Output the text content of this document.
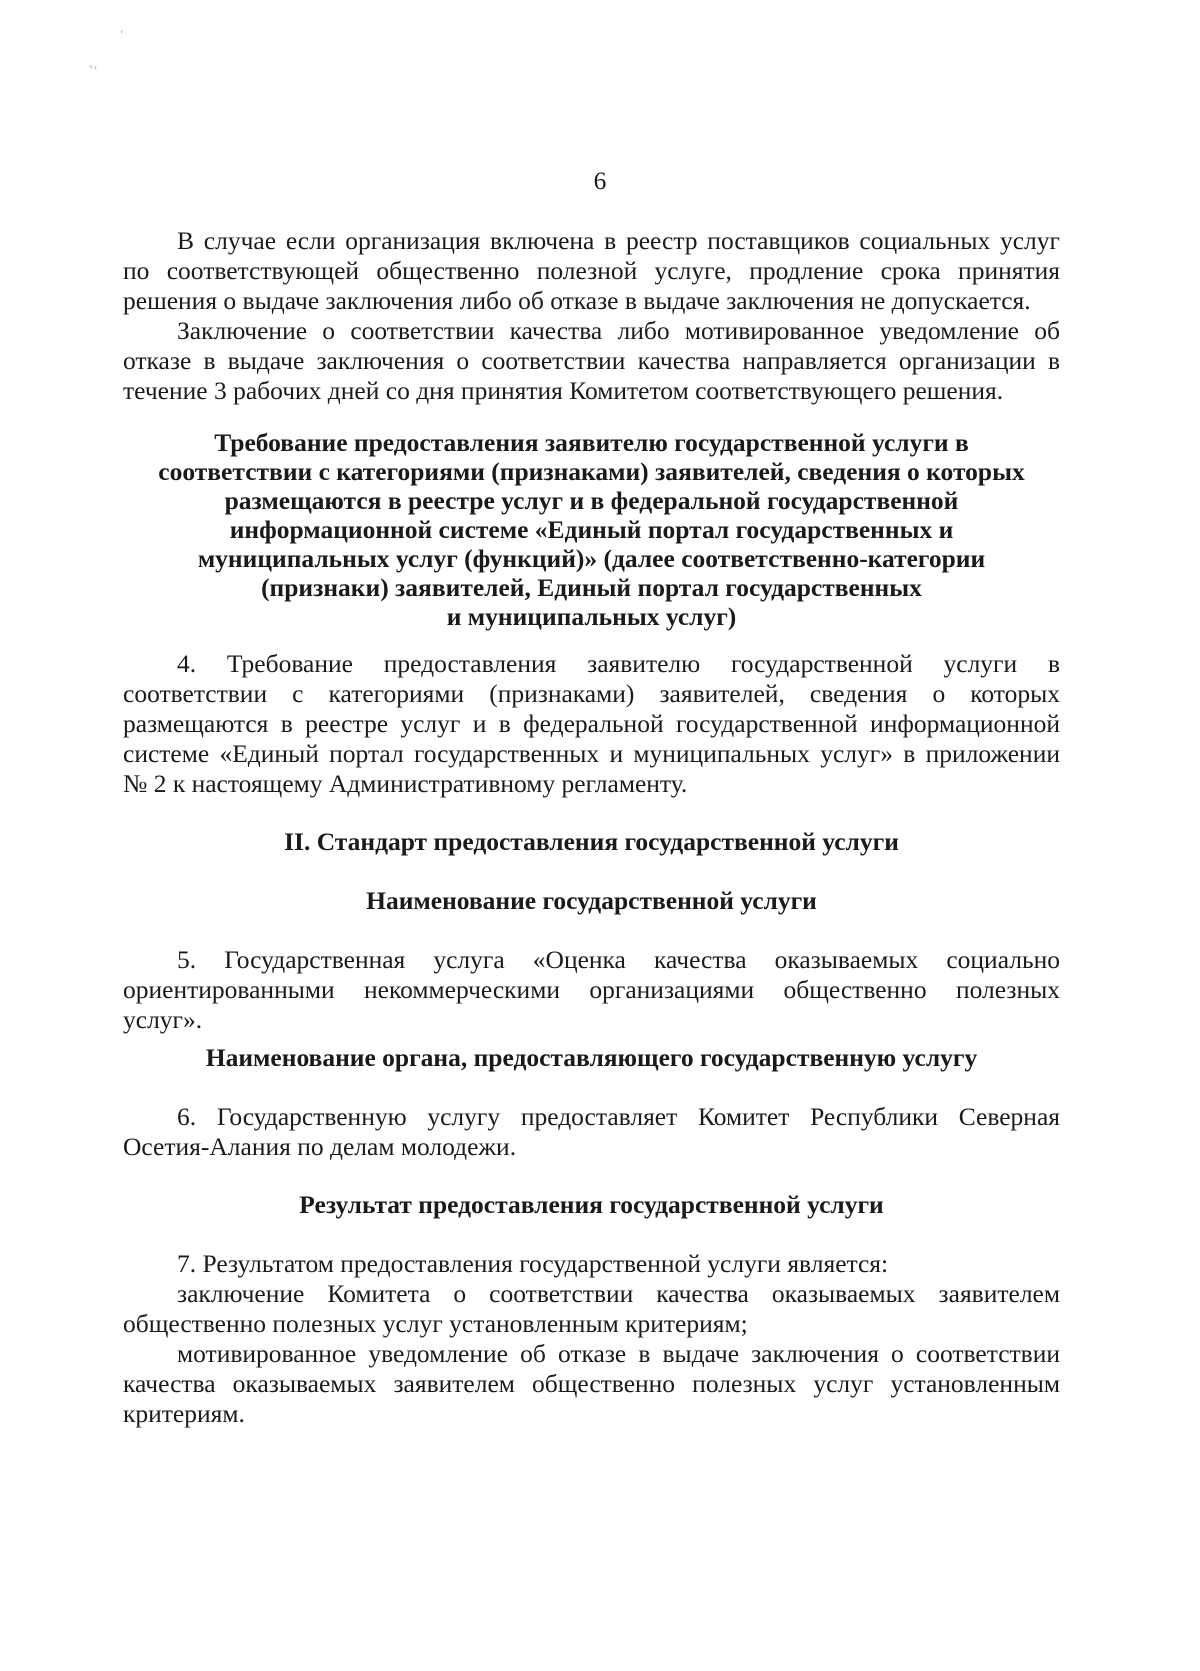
'
˂'
6
В случае если организация включена в реестр поставщиков социальных услуг
по соответствующей общественно полезной услуге, продление срока принятия
решения о выдаче заключения либо об отказе в выдаче заключения не допускается.
Заключение о соответствии качества либо мотивированное уведомление об
отказе в выдаче заключения о соответствии качества направляется организации в
течение 3 рабочих дней со дня принятия Комитетом соответствующего решения.
Требование предоставления заявителю государственной услуги в
соответствии с категориями (признаками) заявителей, сведения о которых
размещаются в реестре услуг и в федеральной государственной
информационной системе «Единый портал государственных и
муниципальных услуг (функций)» (далее соответственно-категории
(признаки) заявителей, Единый портал государственных
и муниципальных услуг)
4. Требование предоставления заявителю государственной услуги в
соответствии с категориями (признаками) заявителей, сведения о которых
размещаются в реестре услуг и в федеральной государственной информационной
системе «Единый портал государственных и муниципальных услуг» в приложении
№ 2 к настоящему Административному регламенту.
II. Стандарт предоставления государственной услуги
Наименование государственной услуги
5. Государственная услуга «Оценка качества оказываемых социально
ориентированными некоммерческими организациями общественно полезных
услуг».
Наименование органа, предоставляющего государственную услугу
6. Государственную услугу предоставляет Комитет Республики Северная
Осетия-Алания по делам молодежи.
Результат предоставления государственной услуги
7. Результатом предоставления государственной услуги является:
заключение Комитета о соответствии качества оказываемых заявителем
общественно полезных услуг установленным критериям;
мотивированное уведомление об отказе в выдаче заключения о соответствии
качества оказываемых заявителем общественно полезных услуг установленным
критериям.
